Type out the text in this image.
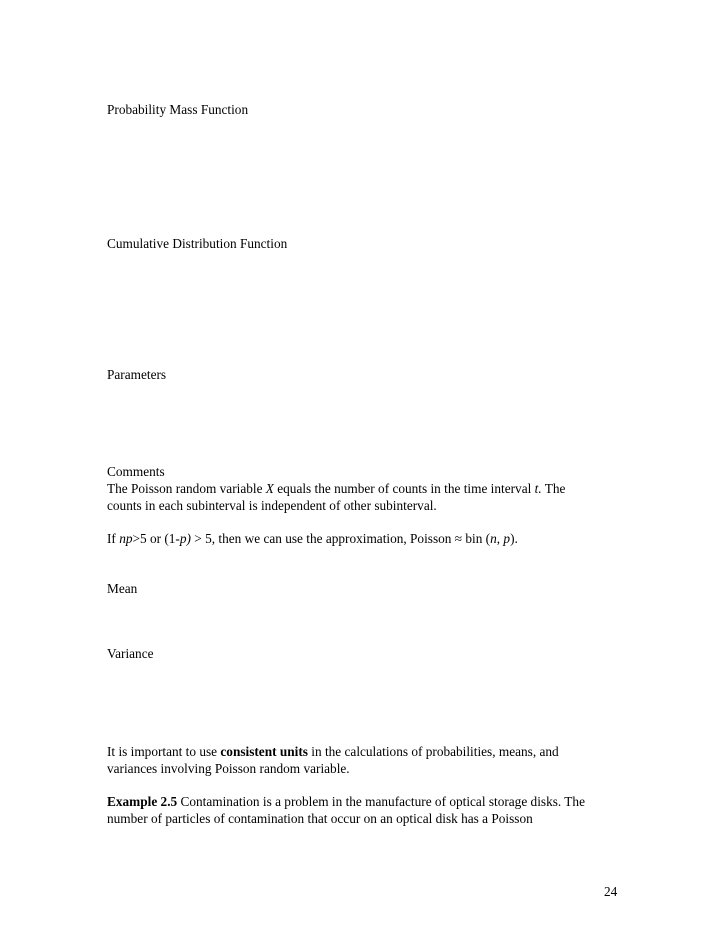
Probability Mass Function
Cumulative Distribution Function
Parameters
Comments
The Poisson random variable X equals the number of counts in the time interval t. The
counts in each subinterval is independent of other subinterval.
If np>5 or (1-p) > 5, then we can use the approximation, Poisson ≈ bin (n, p).
Mean
Variance
It is important to use consistent units in the calculations of probabilities, means, and
variances involving Poisson random variable.
Example 2.5 Contamination is a problem in the manufacture of optical storage disks. The
number of particles of contamination that occur on an optical disk has a Poisson
24
